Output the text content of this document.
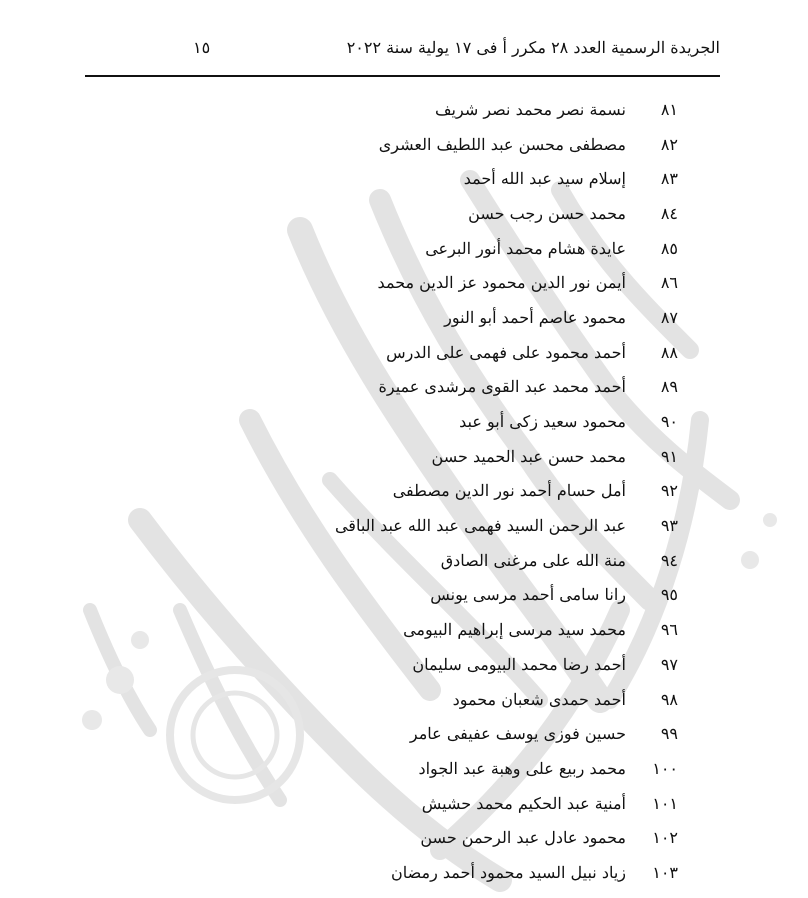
الجريدة الرسمية العدد ٢٨ مكرر أ فى ١٧ يولية سنة ٢٠٢٢
١٥
٨١
نسمة نصر محمد نصر شريف
٨٢
مصطفى محسن عبد اللطيف العشرى
٨٣
إسلام سيد عبد الله أحمد
٨٤
محمد حسن رجب حسن
٨٥
عايدة هشام محمد أنور البرعى
٨٦
أيمن نور الدين محمود عز الدين محمد
٨٧
محمود عاصم أحمد أبو النور
٨٨
أحمد محمود على فهمى على الدرس
٨٩
أحمد محمد عبد القوى مرشدى عميرة
٩٠
محمود سعيد زكى أبو عبد
٩١
محمد حسن عبد الحميد حسن
٩٢
أمل حسام أحمد نور الدين مصطفى
٩٣
عبد الرحمن السيد فهمى عبد الله عبد الباقى
٩٤
منة الله على مرغنى الصادق
٩٥
رانا سامى أحمد مرسى يونس
٩٦
محمد سيد مرسى إبراهيم البيومى
٩٧
أحمد رضا محمد البيومى سليمان
٩٨
أحمد حمدى شعبان محمود
٩٩
حسين فوزى يوسف عفيفى عامر
١٠٠
محمد ربيع على وهبة عبد الجواد
١٠١
أمنية عبد الحكيم محمد حشيش
١٠٢
محمود عادل عبد الرحمن حسن
١٠٣
زياد نبيل السيد محمود أحمد رمضان
